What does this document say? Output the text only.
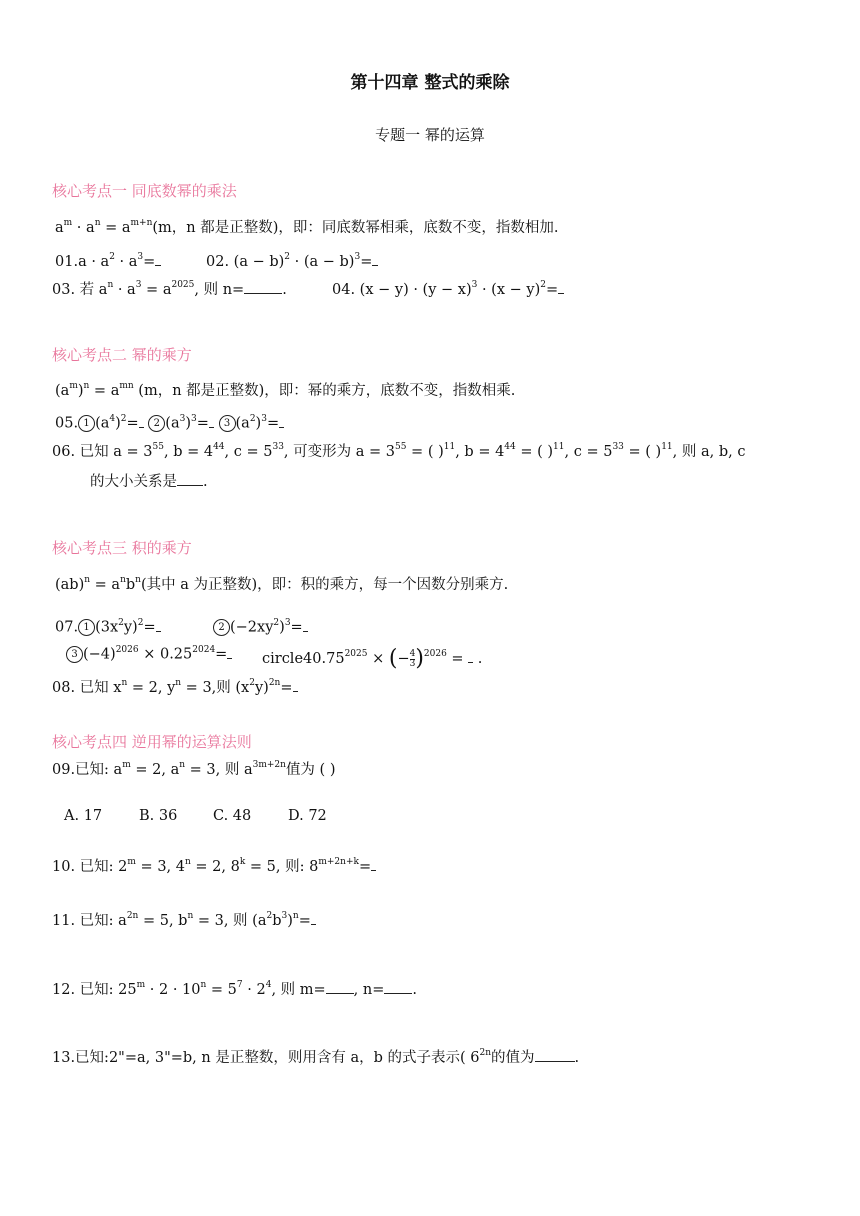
第十四章 整式的乘除
专题一 幂的运算
核心考点一 同底数幂的乘法
$a^m \cdot a^n = a^{m+n}(m$，n 都是正整数)，即：同底数幂相乘，底数不变，指数相加.
$01.a \cdot a^2 \cdot a^3=$	02. $(a - b)^2 \cdot (a - b)^3=$
03. 若 $a^n \cdot a^3 = a^{2025}$, 则 n=	.	04. $(x - y) \cdot (y - x)^3 \cdot (x - y)^2=$
核心考点二 幂的乘方
$(a^m)^n = a^{mn}$ (m，n 都是正整数)，即：幂的乘方，底数不变，指数相乘.
05. 1 $(a^4)^2= 2$ $(a^3)^3= 3$ $(a^2)^3=$
06. 已知 $a = 3^{55}$, $b = 4^{44}$, $c = 5^{33}$, 可变形为 $a = 3^{55}$ = ( )$^{11}$, $b = 4^{44}$ = ( )$^{11}$, $c = 5^{33}$ = ( )$^{11}$, 则 a, b, c
的大小关系是 .
核心考点三 积的乘方
$(ab)^n = a^nb^n$(其中 a 为正整数)，即：积的乘方，每一个因数分别乘方.
07. 1 $(3x^2y)^2=$	2 $(-2xy^2)^3=$
3 $(-4)^{2026} \times 0.25^{2024}=$	$circle40.75^{2025}$ × (− $\frac{4}{3} )^{2026}$ =  .
08. 已知 $x^n = 2$, $y^n = 3$,则 $(x^2y)^{2n}=$
核心考点四 逆用幂的运算法则
09.已知: $a^m = 2$, $a^n = 3$, 则 $a^{3m+2n}$值为 ( )
A. 17	B. 36 C. 48	D. 72
10. 已知: $2^m = 3$, $4^n = 2$, $8^k = 5$, 则: $8^{m+2n+k}=$
11. 已知: $a^{2n} = 5$, $b^n = 3$, 则 $(a^2b^3)^n=$
12. 已知: $25^m \cdot 2 \cdot 10^n = 5^7 \cdot 2^4$, 则 m= , n= .
13.已知:2"=a, 3"=b, n 是正整数，则用含有 a，b 的式子表示( $6^{2n}$的值为	.
